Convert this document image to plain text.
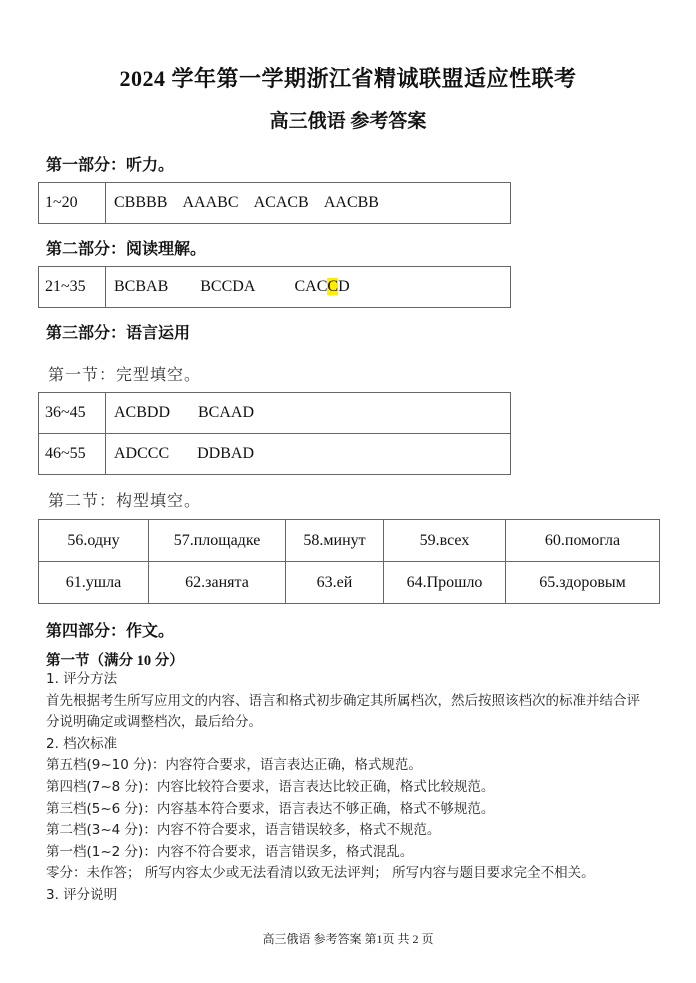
2024 学年第一学期浙江省精诚联盟适应性联考
高三俄语 参考答案
第一部分：听力。
1~20	CBBBB    AAABC    ACACB    AACBB
第二部分：阅读理解。
21~35	BCBAB        BCCDA          CACCD
第三部分：语言运用
第一节：完型填空。
36~45	ACBDD       BCAAD
46~55	ADCCC       DDBAD
第二节：构型填空。
56.одну	57.площадке	58.минут	59.всех	60.помогла
61.ушла	62.занята	63.ей	64.Прошло	65.здоровым
第四部分：作文。
第一节（满分 10 分）

1. 评分方法

首先根据考生所写应用文的内容、语言和格式初步确定其所属档次，然后按照该档次的标准并结合评分说明确定或调整档次，最后给分。

2. 档次标准

第五档(9~10 分)：内容符合要求，语言表达正确，格式规范。

第四档(7~8 分)：内容比较符合要求，语言表达比较正确，格式比较规范。

第三档(5~6 分)：内容基本符合要求，语言表达不够正确，格式不够规范。

第二档(3~4 分)：内容不符合要求，语言错误较多，格式不规范。

第一档(1~2 分)：内容不符合要求，语言错误多，格式混乱。

零分：未作答； 所写内容太少或无法看清以致无法评判； 所写内容与题目要求完全不相关。

3. 评分说明

高三俄语 参考答案 第1页 共 2 页
